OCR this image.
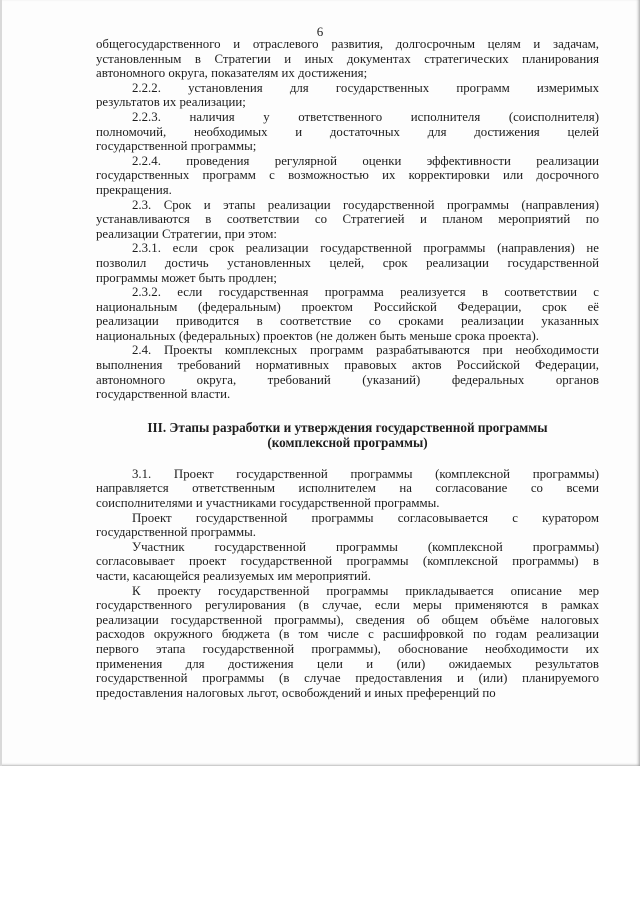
6

общегосударственного и отраслевого развития, долгосрочным целям и задачам,
установленным в Стратегии и иных документах стратегических планирования
автономного округа, показателям их достижения;

2.2.2. установления для государственных программ измеримых
результатов их реализации;

2.2.3. наличия у ответственного исполнителя (соисполнителя)
полномочий, необходимых и достаточных для достижения целей
государственной программы;

2.2.4. проведения регулярной оценки эффективности реализации
государственных программ с возможностью их корректировки или досрочного
прекращения.

2.3. Срок и этапы реализации государственной программы (направления)
устанавливаются в соответствии со Стратегией и планом мероприятий по
реализации Стратегии, при этом:

2.3.1. если срок реализации государственной программы (направления) не
позволил достичь установленных целей, срок реализации государственной
программы может быть продлен;

2.3.2. если государственная программа реализуется в соответствии с
национальным (федеральным) проектом Российской Федерации, срок её
реализации приводится в соответствие со сроками реализации указанных
национальных (федеральных) проектов (не должен быть меньше срока проекта).

2.4. Проекты комплексных программ разрабатываются при необходимости
выполнения требований нормативных правовых актов Российской Федерации,
автономного округа, требований (указаний) федеральных органов
государственной власти.

III. Этапы разработки и утверждения государственной программы
(комплексной программы)

3.1. Проект государственной программы (комплексной программы)
направляется ответственным исполнителем на согласование со всеми
соисполнителями и участниками государственной программы.

Проект государственной программы согласовывается с куратором
государственной программы.

Участник государственной программы (комплексной программы)
согласовывает проект государственной программы (комплексной программы) в
части, касающейся реализуемых им мероприятий.

К проекту государственной программы прикладывается описание мер
государственного регулирования (в случае, если меры применяются в рамках
реализации государственной программы), сведения об общем объёме налоговых
расходов окружного бюджета (в том числе с расшифровкой по годам реализации
первого этапа государственной программы), обоснование необходимости их
применения для достижения цели и (или) ожидаемых результатов
государственной программы (в случае предоставления и (или) планируемого
предоставления налоговых льгот, освобождений и иных преференций по
